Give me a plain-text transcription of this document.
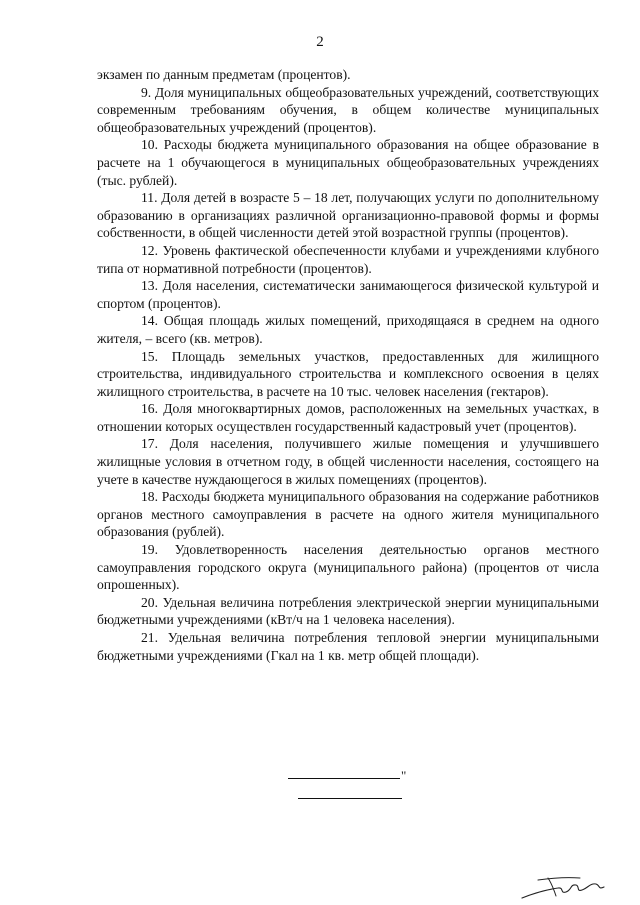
2

экзамен по данным предметам (процентов).

9. Доля муниципальных общеобразовательных учреждений, соответствующих современным требованиям обучения, в общем количестве муниципальных общеобразовательных учреждений (процентов).

10. Расходы бюджета муниципального образования на общее образование в расчете на 1 обучающегося в муниципальных общеобразовательных учреждениях (тыс. рублей).

11. Доля детей в возрасте 5 – 18 лет, получающих услуги по дополнительному образованию в организациях различной организационно-правовой формы и формы собственности, в общей численности детей этой возрастной группы (процентов).

12. Уровень фактической обеспеченности клубами и учреждениями клубного типа от нормативной потребности (процентов).

13. Доля населения, систематически занимающегося физической культурой и спортом (процентов).

14. Общая площадь жилых помещений, приходящаяся в среднем на одного жителя, – всего (кв. метров).

15. Площадь земельных участков, предоставленных для жилищного строительства, индивидуального строительства и комплексного освоения в целях жилищного строительства, в расчете на 10 тыс. человек населения (гектаров).

16. Доля многоквартирных домов, расположенных на земельных участках, в отношении которых осуществлен государственный кадастровый учет (процентов).

17. Доля населения, получившего жилые помещения и улучшившего жилищные условия в отчетном году, в общей численности населения, состоящего на учете в качестве нуждающегося в жилых помещениях (процентов).

18. Расходы бюджета муниципального образования на содержание работников органов местного самоуправления в расчете на одного жителя муниципального образования (рублей).

19. Удовлетворенность населения деятельностью органов местного самоуправления городского округа (муниципального района) (процентов от числа опрошенных).

20. Удельная величина потребления электрической энергии муниципальными бюджетными учреждениями (кВт/ч на 1 человека населения).

21. Удельная величина потребления тепловой энергии муниципальными бюджетными учреждениями (Гкал на 1 кв. метр общей площади).

"
